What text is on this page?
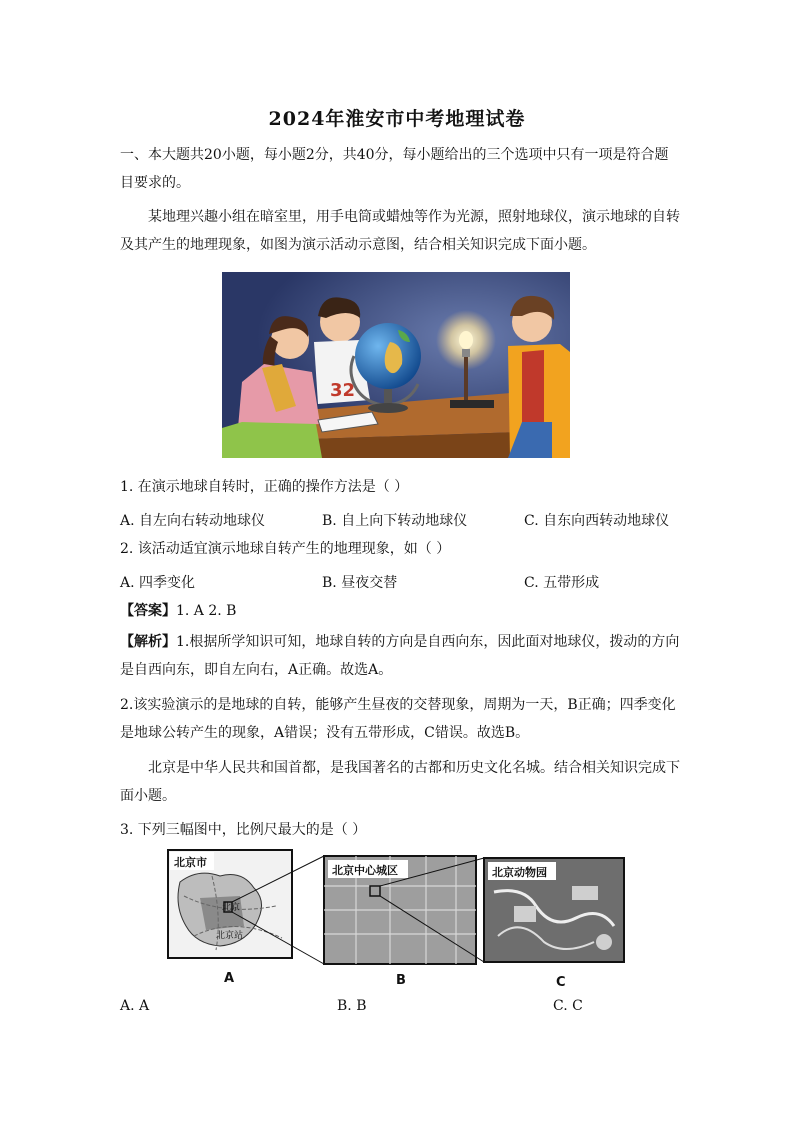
2024年淮安市中考地理试卷
一、本大题共20小题，每小题2分，共40分，每小题给出的三个选项中只有一项是符合题目要求的。
某地理兴趣小组在暗室里，用手电筒或蜡烛等作为光源，照射地球仪，演示地球的自转及其产生的地理现象，如图为演示活动示意图，结合相关知识完成下面小题。
32
1. 在演示地球自转时，正确的操作方法是（ ）
A. 自左向右转动地球仪	B. 自上向下转动地球仪	C. 自东向西转动地球仪
2. 该活动适宜演示地球自转产生的地理现象，如（ ）
A. 四季变化	B. 昼夜交替	C. 五带形成
【答案】1. A 2. B
【解析】1.根据所学知识可知，地球自转的方向是自西向东，因此面对地球仪，拨动的方向是自西向东，即自左向右，A正确。故选A。
2.该实验演示的是地球的自转，能够产生昼夜的交替现象，周期为一天，B正确；四季变化是地球公转产生的现象，A错误；没有五带形成，C错误。故选B。
北京是中华人民共和国首都，是我国著名的古都和历史文化名城。结合相关知识完成下面小题。
3. 下列三幅图中，比例尺最大的是（ ）
北京市
北京
北京站
北京中心城区	北京动物园
A	B	C
A. A	B. B	C. C
